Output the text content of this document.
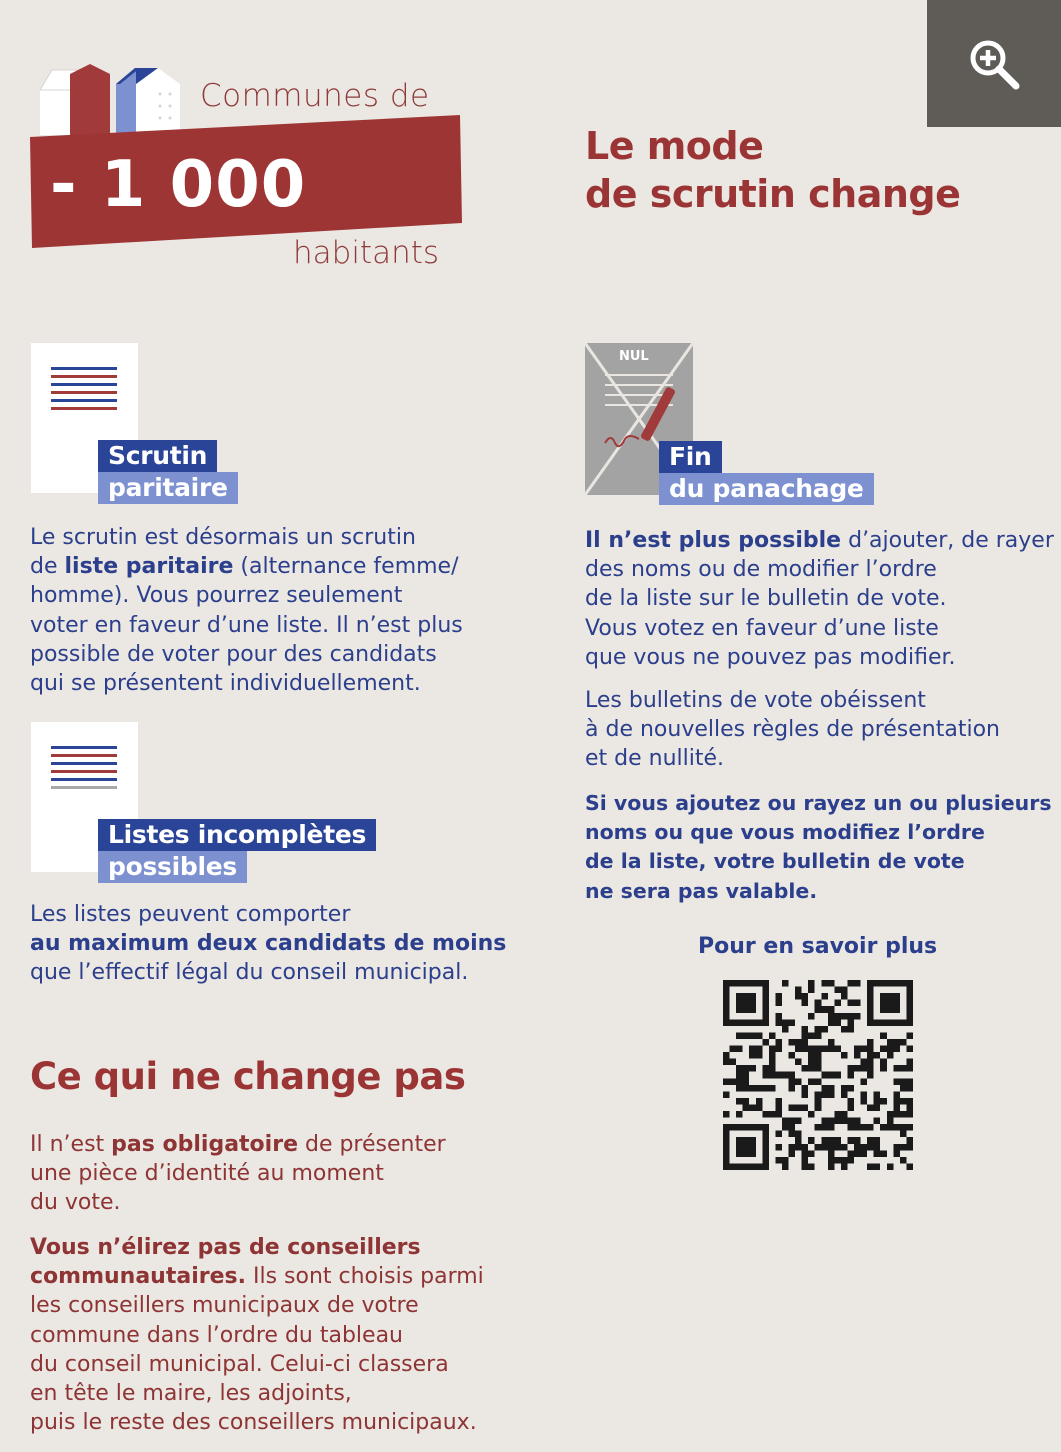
Communes de
- 1 000
habitants
Le mode
de scrutin change
Scrutin
paritaire
Le scrutin est désormais un scrutin
de liste paritaire (alternance femme/
homme). Vous pourrez seulement
voter en faveur d’une liste. Il n’est plus
possible de voter pour des candidats
qui se présentent individuellement.
Listes incomplètes
possibles
Les listes peuvent comporter
au maximum deux candidats de moins
que l’effectif légal du conseil municipal.
Ce qui ne change pas
Il n’est pas obligatoire de présenter
une pièce d’identité au moment
du vote.
Vous n’élirez pas de conseillers
communautaires. Ils sont choisis parmi
les conseillers municipaux de votre
commune dans l’ordre du tableau
du conseil municipal. Celui-ci classera
en tête le maire, les adjoints,
puis le reste des conseillers municipaux.
NUL
Fin
du panachage
Il n’est plus possible d’ajouter, de rayer
des noms ou de modifier l’ordre
de la liste sur le bulletin de vote.
Vous votez en faveur d’une liste
que vous ne pouvez pas modifier.
Les bulletins de vote obéissent
à de nouvelles règles de présentation
et de nullité.
Si vous ajoutez ou rayez un ou plusieurs
noms ou que vous modifiez l’ordre
de la liste, votre bulletin de vote
ne sera pas valable.
Pour en savoir plus
